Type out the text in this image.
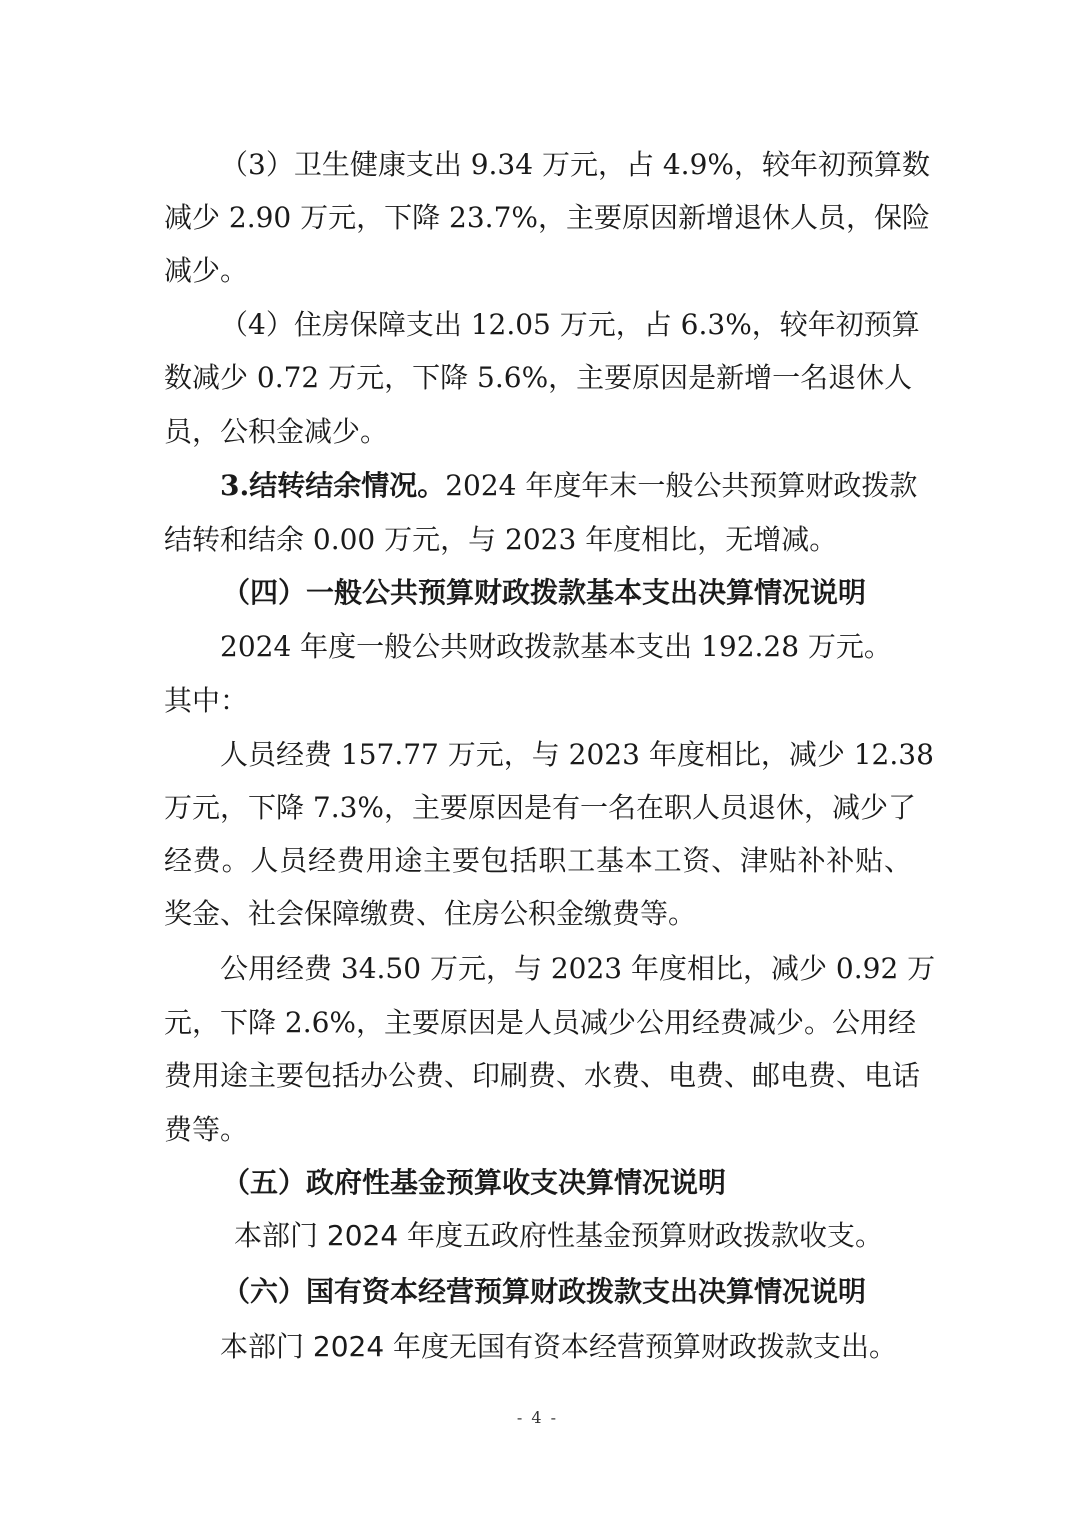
（3）卫生健康支出 9.34 万元，占 4.9%，较年初预算数
减少 2.90 万元，下降 23.7%，主要原因新增退休人员，保险
减少。
（4）住房保障支出 12.05 万元，占 6.3%，较年初预算
数减少 0.72 万元，下降 5.6%，主要原因是新增一名退休人
员，公积金减少。
3.结转结余情况。2024 年度年末一般公共预算财政拨款
结转和结余 0.00 万元，与 2023 年度相比，无增减。
（四）一般公共预算财政拨款基本支出决算情况说明
2024 年度一般公共财政拨款基本支出 192.28 万元。
其中：
人员经费 157.77 万元，与 2023 年度相比，减少 12.38
万元，下降 7.3%，主要原因是有一名在职人员退休，减少了
经费。人员经费用途主要包括职工基本工资、津贴补补贴、
奖金、社会保障缴费、住房公积金缴费等。
公用经费 34.50 万元，与 2023 年度相比，减少 0.92 万
元，下降 2.6%，主要原因是人员减少公用经费减少。公用经
费用途主要包括办公费、印刷费、水费、电费、邮电费、电话
费等。
（五）政府性基金预算收支决算情况说明
本部门 2024 年度五政府性基金预算财政拨款收支。
（六）国有资本经营预算财政拨款支出决算情况说明
本部门 2024 年度无国有资本经营预算财政拨款支出。
- 4 -
